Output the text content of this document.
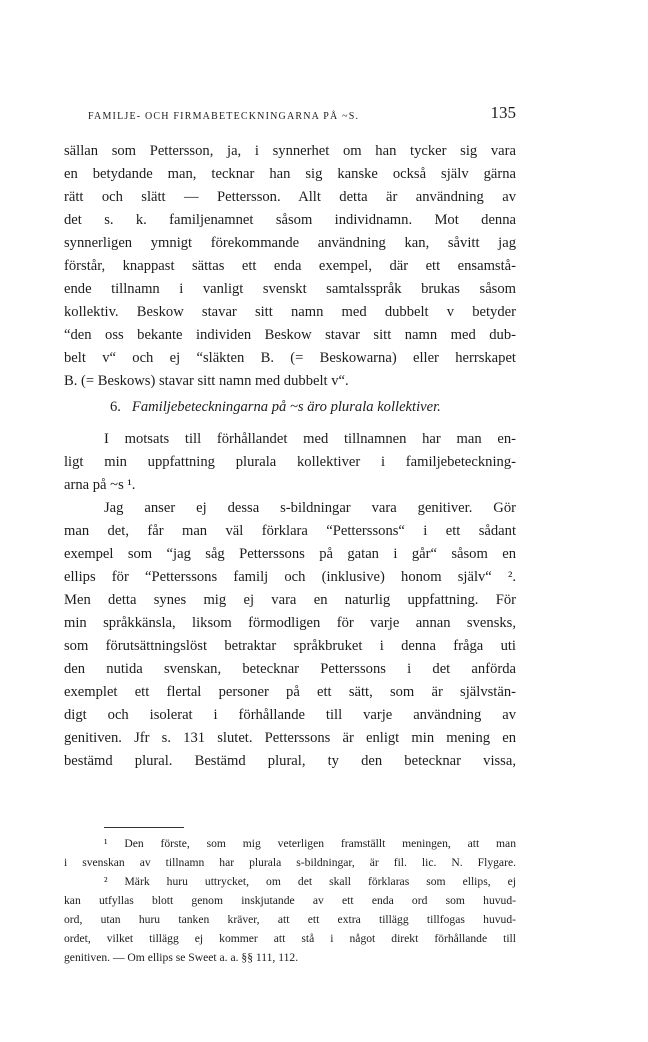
FAMILJE- OCH FIRMABETECKNINGARNA PÅ ~S.	135
sällan som Pettersson, ja, i synnerhet om han tycker sig vara
en betydande man, tecknar han sig kanske också själv gärna
rätt och slätt — Pettersson. Allt detta är användning av
det s. k. familjenamnet såsom individnamn. Mot denna
synnerligen ymnigt förekommande användning kan, såvitt jag
förstår, knappast sättas ett enda exempel, där ett ensamstå-
ende tillnamn i vanligt svenskt samtalsspråk brukas såsom
kollektiv. Beskow stavar sitt namn med dubbelt v betyder
“den oss bekante individen Beskow stavar sitt namn med dub-
belt v“ och ej “släkten B. (= Beskowarna) eller herrskapet
B. (= Beskows) stavar sitt namn med dubbelt v“.
6. Familjebeteckningarna på ~s äro plurala kollektiver.
I motsats till förhållandet med tillnamnen har man en-
ligt min uppfattning plurala kollektiver i familjebeteckning-
arna på ~s ¹.
Jag anser ej dessa s-bildningar vara genitiver. Gör
man det, får man väl förklara “Petterssons“ i ett sådant
exempel som “jag såg Petterssons på gatan i går“ såsom en
ellips för “Petterssons familj och (inklusive) honom själv“ ².
Men detta synes mig ej vara en naturlig uppfattning. För
min språkkänsla, liksom förmodligen för varje annan svensks,
som förutsättningslöst betraktar språkbruket i denna fråga uti
den nutida svenskan, betecknar Petterssons i det anförda
exemplet ett flertal personer på ett sätt, som är självstän-
digt och isolerat i förhållande till varje användning av
genitiven. Jfr s. 131 slutet. Petterssons är enligt min mening en
bestämd plural. Bestämd plural, ty den betecknar vissa,
¹ Den förste, som mig veterligen framställt meningen, att man
i svenskan av tillnamn har plurala s-bildningar, är fil. lic. N. Flygare.
² Märk huru uttrycket, om det skall förklaras som ellips, ej
kan utfyllas blott genom inskjutande av ett enda ord som huvud-
ord, utan huru tanken kräver, att ett extra tillägg tillfogas huvud-
ordet, vilket tillägg ej kommer att stå i något direkt förhållande till
genitiven. — Om ellips se Sweet a. a. §§ 111, 112.
